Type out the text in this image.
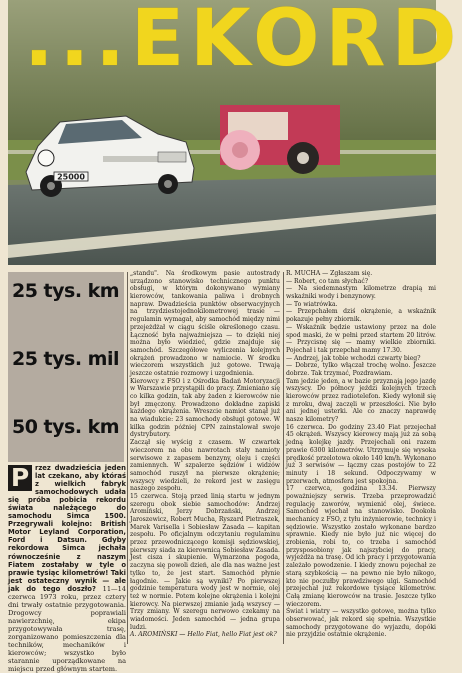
25000
...EKORD
25 tys. km
25 tys. mil
50 tys. km
P rzez dwadzieścia jeden lat czekano, aby któraś z wielkich fabryk samochodowych udała się próba pobicia rekordu świata należącego do samochodu Simca 1500. Przegrywali kolejno: British Motor Leyland Corporation, Ford i Datsun. Gdyby rekordowa Simca jechała równocześnie z naszym Fiatem zostałaby w tyle o prawie tysiąc kilometrów! Taki jest ostateczny wynik — ale jak do tego doszło? 11—14 czerwca 1973 roku, przez cztery dni trwały ostatnie przygotowania. Drogowcy poprawiali nawierzchnię, ekipa przygotowywała trasę, zorganizowano pomieszczenia dla techników, mechaników i kierowców; wszystko było starannie uporządkowane na miejscu przed głównym startem.

„standu". Na środkowym pasie autostrady urządzono stanowisko technicznego punktu obsługi, w którym dokonywano wymiany kierowców, tankowania paliwa i drobnych napraw. Dwadzieścia punktów obserwacyjnych na trzydziestojednokilometrowej trasie — regulamin wymagał, aby samochód między nimi przejeżdżał w ciągu ściśle określonego czasu. Łączność była najważniejsza — to dzięki niej można było wiedzieć, gdzie znajduje się samochód. Szczegółowe wyliczenia kolejnych okrążeń prowadzono w namiocie. W środku wieczorem wszystkich już gotowe. Trwają jeszcze ostatnie rozmowy i uzgodnienia.

Kierowcy z FSO i z Ośrodka Badań Motoryzacji w Warszawie przystąpili do pracy. Zmieniano się co kilka godzin, tak aby żaden z kierowców nie był zmęczony. Prowadzono dokładne zapiski każdego okrążenia. Wreszcie namiot stanął już na wiadukcie: 23 samochody obsługi gotowe. W kilka godzin później CPN zainstalował swoje dystrybutory.

Zaczął się wyścig z czasem. W czwartek wieczorem na obu nawrotach stały namioty serwisowe z zapasem benzyny, oleju i części zamiennych. W szpalerze sędziów i widzów samochód ruszył na pierwsze okrążenie; wszyscy wiedzieli, że rekord jest w zasięgu naszego zespołu.

15 czerwca. Stoją przed linią startu w jednym szeregu obok siebie samochodów: Andrzej Aromiński, Jerzy Dobrzański, Andrzej Jaroszewicz, Robert Mucha, Ryszard Pietraszek, Marek Varisella i Sobiesław Zasada — kapitan zespołu. Po oficjalnym odczytaniu regulaminu przez przewodniczącego komisji sędziowskiej, pierwszy siada za kierownicą Sobiesław Zasada. Jest cisza i skupienie. Wymarzona pogoda, zaczyna się powoli dzień, ale dla nas ważne jest tylko to, że jest start. Samochód płynie łagodnie. — Jakie są wyniki? Po pierwszej godzinie temperatura wody jest w normie, olej też w normie. Potem kolejne okrążenia i kolejni kierowcy. Na pierwszej zmianie jadą wszyscy — Trzy zmiany. W szeregu nerwowo czekamy na wiadomości. Jeden samochód — jedna grupa ludzi.

A. AROMIŃSKI — Hello Fiat, hello Fiat jest ok?

R. MUCHA — Zgłaszam się.

— Robert, co tam słychać?

— Na siedemnastym kilometrze drapią mi wskaźniki wody i benzynowy.

— To wiatrówka.

— Przepchałem dziś okrążenie, a wskaźnik pokazuje pełny zbiornik.

— Wskaźnik będzie ustawiony przez na dole spod maski, że w pełni przed startem 20 litrów. — Przycisnę się — mamy wielkie zbiorniki. Pojechał i tak przepchał mamy 17.30.

— Andrzej, jak tobie wchodzi czwarty bieg?

— Dobrze, tylko włączał trochę wolno. Jeszcze dobrze. Tak trzymać, Pozdrawiam.

Tam jedzie jeden, a w bazie przyznają jego jazdę wszyscy. Do północy jeździ kolejnych trzech kierowców przez radiotelefon. Kiedy wyłonił się z mroku, dwaj zaczęli w przeszłości. Nie było ani jednej usterki. Ale co znaczy naprawdę nasze kilometry?

16 czerwca. Do godziny 23.40 Fiat przejechał 45 okrążeń. Wszyscy kierowcy mają już za sobą jedną kolejkę jazdy. Przejechali oni razem prawie 6300 kilometrów. Utrzymuje się wysoka prędkość przelotowa około 140 km/h. Wykonano już 3 serwisów — łączny czas postojów to 22 minuty i 18 sekund. Odpoczywamy w przerwach, atmosfera jest spokojna.

17 czerwca, godzina 13.34. Pierwszy poważniejszy serwis. Trzeba przeprowadzić regulację zaworów, wymienić olej, świece. Samochód wjechał na stanowisko. Dookoła mechanicy z FSO, z tyłu inżynierowie, technicy i sędziowie. Wszystko zostało wykonane bardzo sprawnie. Kiedy nie było już nic więcej do zrobienia, robi to, co trzeba i samochód przysposobiony jak najszybciej do pracy, wyjeżdża na trasę. Od ich pracy i przygotowania zależało powodzenie. I kiedy znowu pojechał ze starą szybkością — na pewno nie było nikogo, kto nie poczułby prawdziwego ulgi. Samochód przejechał już rekordowe tysiące kilometrów. Całą zmianę kierowców na trasie. Jeszcze tylko wieczorem.

Świat i wiatry — wszystko gotowe, można tylko obserwować, jak rekord się spełnia. Wszystkie samochody przygotowane do wyjazdu, dopóki nie przyjdzie ostatnie okrążenie.
